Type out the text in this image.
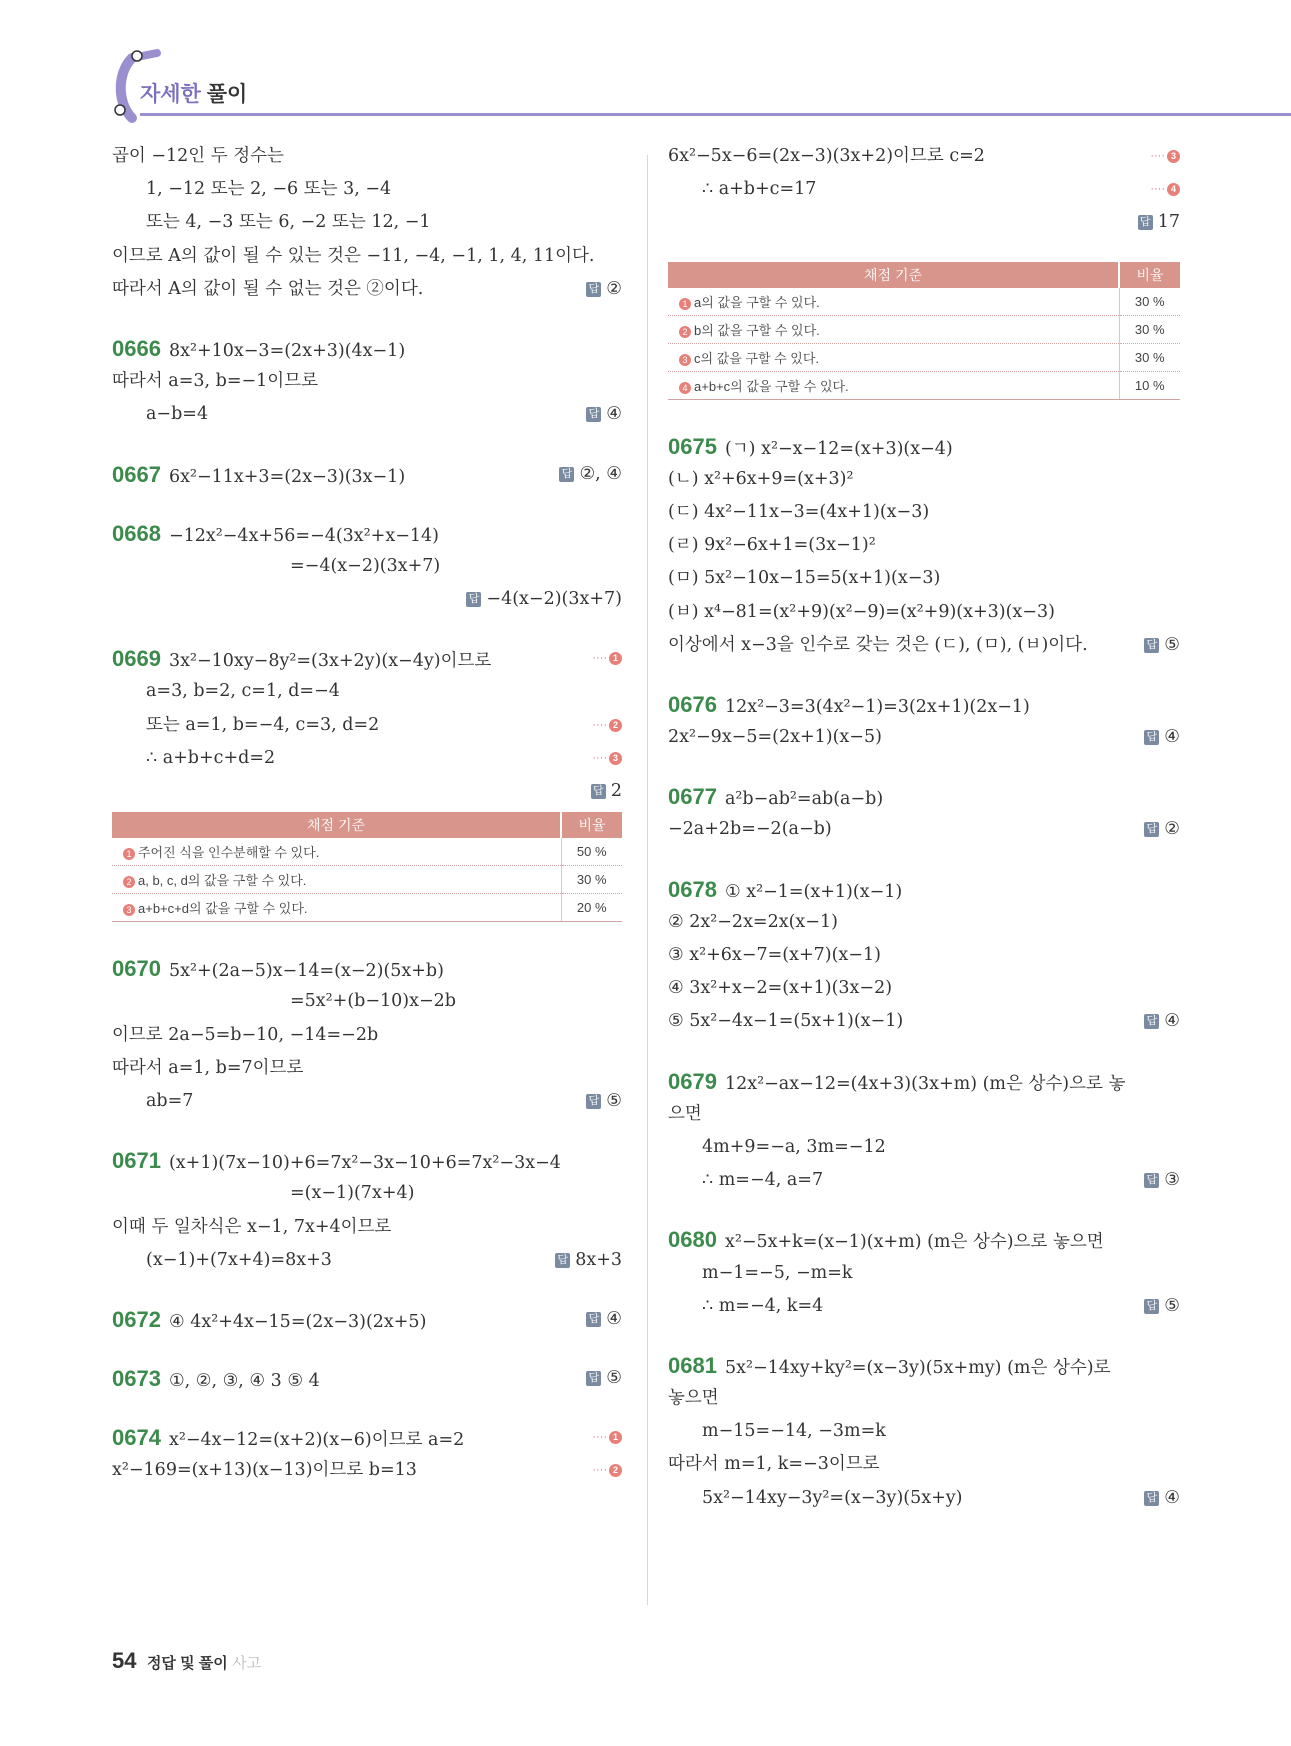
자세한 풀이
곱이 −12인 두 정수는
1, −12 또는 2, −6 또는 3, −4
또는 4, −3 또는 6, −2 또는 12, −1
이므로 A의 값이 될 수 있는 것은 −11, −4, −1, 1, 4, 11이다.
따라서 A의 값이 될 수 없는 것은 ②이다.	답 ②
0666 8x²+10x−3=(2x+3)(4x−1)
따라서 a=3, b=−1이므로
a−b=4	답 ④
0667 6x²−11x+3=(2x−3)(3x−1)	답 ②, ④
0668 −12x²−4x+56=−4(3x²+x−14)
=−4(x−2)(3x+7)
답 −4(x−2)(3x+7)
0669 3x²−10xy−8y²=(3x+2y)(x−4y)이므로	···· 1
a=3, b=2, c=1, d=−4
또는 a=1, b=−4, c=3, d=2	···· 2
∴ a+b+c+d=2	···· 3
답 2
채점 기준	비율
1 주어진 식을 인수분해할 수 있다.	50 %
2 a, b, c, d의 값을 구할 수 있다.	30 %
3 a+b+c+d의 값을 구할 수 있다.	20 %
0670 5x²+(2a−5)x−14=(x−2)(5x+b)
=5x²+(b−10)x−2b
이므로 2a−5=b−10, −14=−2b
따라서 a=1, b=7이므로
ab=7	답 ⑤
0671 (x+1)(7x−10)+6=7x²−3x−10+6=7x²−3x−4
=(x−1)(7x+4)
이때 두 일차식은 x−1, 7x+4이므로
(x−1)+(7x+4)=8x+3	답 8x+3
0672 ④ 4x²+4x−15=(2x−3)(2x+5)	답 ④
0673 ①, ②, ③, ④ 3 ⑤ 4	답 ⑤
0674 x²−4x−12=(x+2)(x−6)이므로 a=2	···· 1
x²−169=(x+13)(x−13)이므로 b=13	···· 2
6x²−5x−6=(2x−3)(3x+2)이므로 c=2	···· 3
∴ a+b+c=17	···· 4
답 17
채점 기준	비율
1 a의 값을 구할 수 있다.	30 %
2 b의 값을 구할 수 있다.	30 %
3 c의 값을 구할 수 있다.	30 %
4 a+b+c의 값을 구할 수 있다.	10 %
0675 (ㄱ) x²−x−12=(x+3)(x−4)
(ㄴ) x²+6x+9=(x+3)²
(ㄷ) 4x²−11x−3=(4x+1)(x−3)
(ㄹ) 9x²−6x+1=(3x−1)²
(ㅁ) 5x²−10x−15=5(x+1)(x−3)
(ㅂ) x⁴−81=(x²+9)(x²−9)=(x²+9)(x+3)(x−3)
이상에서 x−3을 인수로 갖는 것은 (ㄷ), (ㅁ), (ㅂ)이다.	답 ⑤
0676 12x²−3=3(4x²−1)=3(2x+1)(2x−1)
2x²−9x−5=(2x+1)(x−5)	답 ④
0677 a²b−ab²=ab(a−b)
−2a+2b=−2(a−b)	답 ②
0678 ① x²−1=(x+1)(x−1)
② 2x²−2x=2x(x−1)
③ x²+6x−7=(x+7)(x−1)
④ 3x²+x−2=(x+1)(3x−2)
⑤ 5x²−4x−1=(5x+1)(x−1)	답 ④
0679 12x²−ax−12=(4x+3)(3x+m) (m은 상수)으로 놓
으면
4m+9=−a, 3m=−12
∴ m=−4, a=7	답 ③
0680 x²−5x+k=(x−1)(x+m) (m은 상수)으로 놓으면
m−1=−5, −m=k
∴ m=−4, k=4	답 ⑤
0681 5x²−14xy+ky²=(x−3y)(5x+my) (m은 상수)로
놓으면
m−15=−14, −3m=k
따라서 m=1, k=−3이므로
5x²−14xy−3y²=(x−3y)(5x+y)	답 ④
54 정답 및 풀이 사고
